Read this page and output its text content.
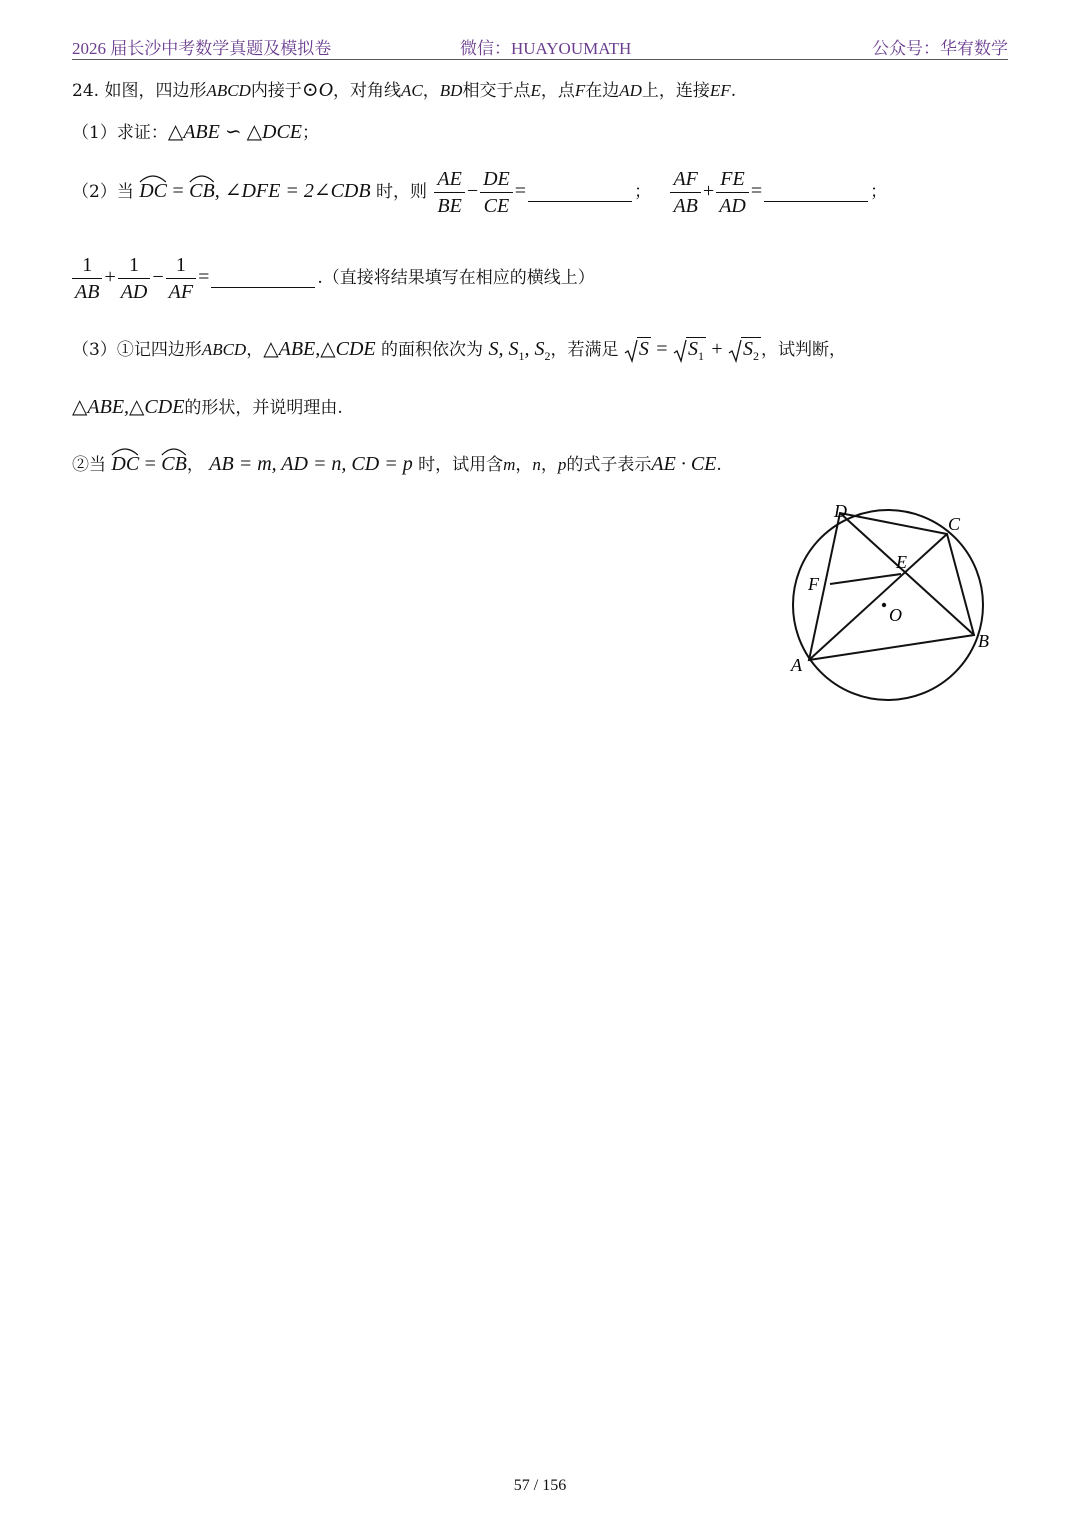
2026 届长沙中考数学真题及模拟卷	微信：HUAYOUMATH	公众号：华宥数学
24. 如图，四边形ABCD内接于⊙O，对角线AC，BD相交于点E，点F在边AD上，连接EF.
（1）求证：△ABE ∽ △DCE；
（2）当 DC = CB, ∠DFE = 2∠CDB 时，则 $\frac{AE}{BE} - \frac{DE}{CE}$ =	； $\frac{AF}{AB} + \frac{FE}{AD}$ =	；
$\frac{1}{AB} + \frac{1}{AD} - \frac{1}{AF}$ =	.（直接将结果填写在相应的横线上）
（3）①记四边形ABCD，△ABE,△CDE 的面积依次为 S, $S_1$, $S_2$，若满足 $S = S_1 + S_2$ ，试判断，
△ABE,△CDE的形状，并说明理由.
②当 DC = CB， AB = m, AD = n, CD = p 时，试用含m，n，p的式子表示AE · CE.
D
C
E
F
O
B
A
57 / 156
